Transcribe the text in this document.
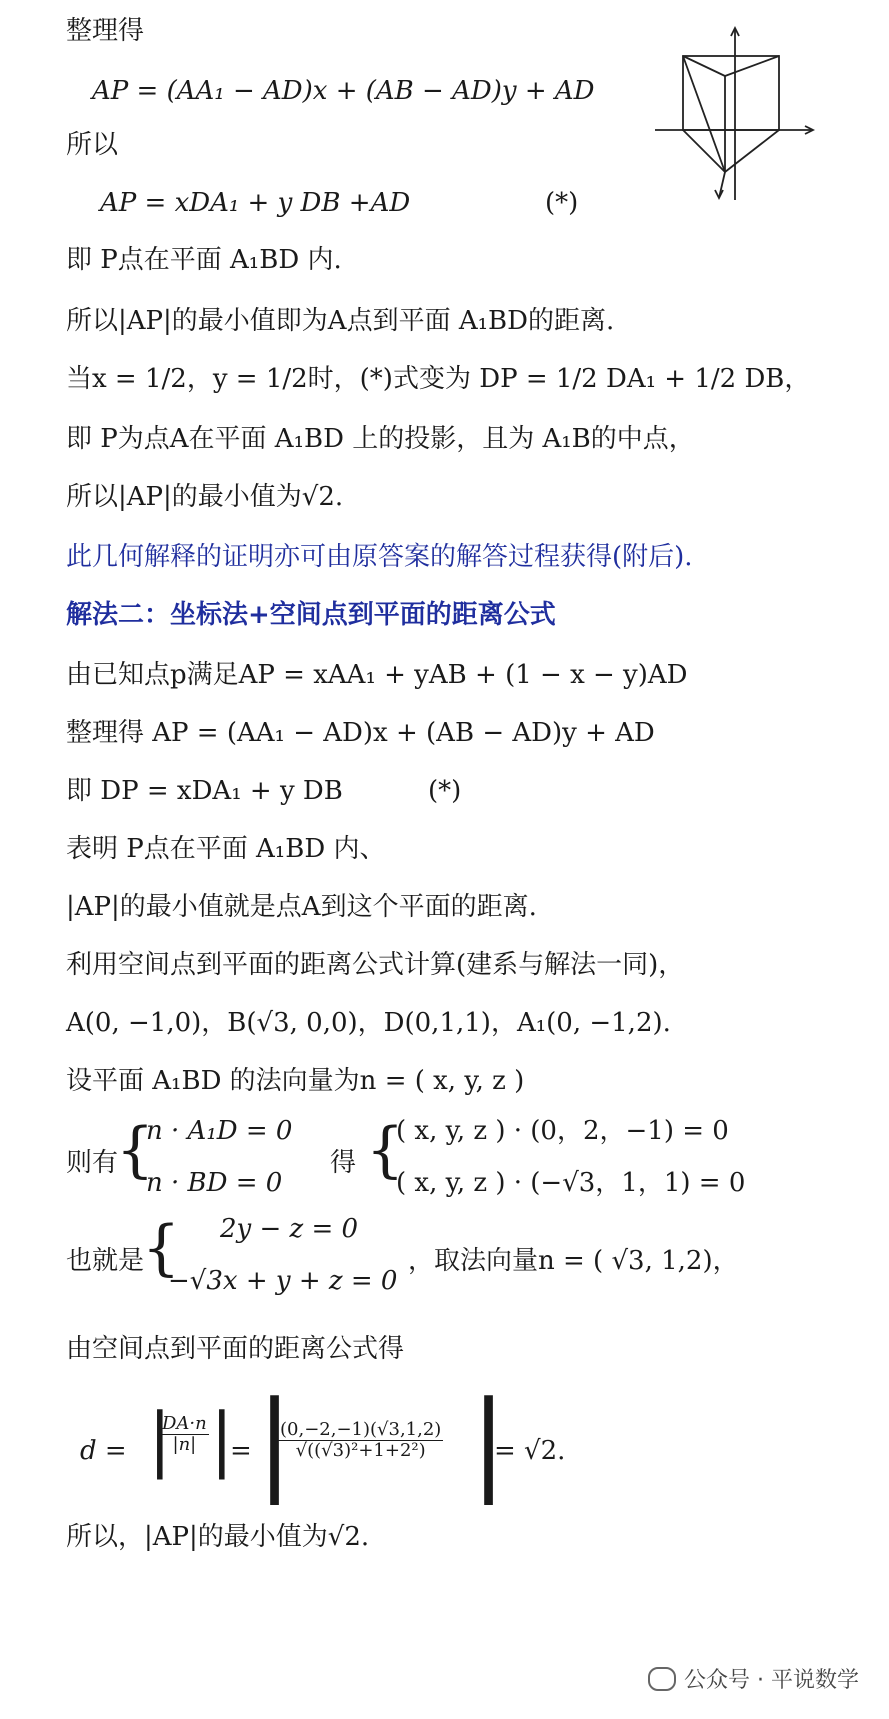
整理得
AP = (AA₁ − AD)x + (AB − AD)y + AD
所以
AP = xDA₁ + y DB +AD	(*)
即 P点在平面 A₁BD 内.
所以|AP|的最小值即为A点到平面 A₁BD的距离.
当x = 1/2，y = 1/2时，(*)式变为 DP = 1/2 DA₁ + 1/2 DB，
即 P为点A在平面 A₁BD 上的投影，且为 A₁B的中点，
所以|AP|的最小值为√2.
此几何解释的证明亦可由原答案的解答过程获得(附后).
解法二：坐标法+空间点到平面的距离公式
由已知点p满足AP = xAA₁ + yAB + (1 − x − y)AD
整理得 AP = (AA₁ − AD)x + (AB − AD)y + AD
即 DP = xDA₁ + y DB	(*)
表明 P点在平面 A₁BD 内、
|AP|的最小值就是点A到这个平面的距离.
利用空间点到平面的距离公式计算(建系与解法一同)，
A(0, −1,0)，B(√3, 0,0)，D(0,1,1)，A₁(0, −1,2).
设平面 A₁BD 的法向量为n = ( x, y, z )
则有
{
n · A₁D = 0
n · BD = 0
得 {
( x, y, z ) · (0，2，−1) = 0
( x, y, z ) · (−√3，1，1) = 0
也就是
{ 2y − z = 0
−√3x + y + z = 0
，取法向量n = ( √3, 1,2)，
由空间点到平面的距离公式得
d = |
$\frac{DA\cdot n}{|n|}$ |
= |
$\frac{(0,-2,-1)(√3,1,2)}{\text{√((√3)²+1+2²)}}$ |
= √2.
所以，|AP|的最小值为√2.
公众号 · 平说数学
